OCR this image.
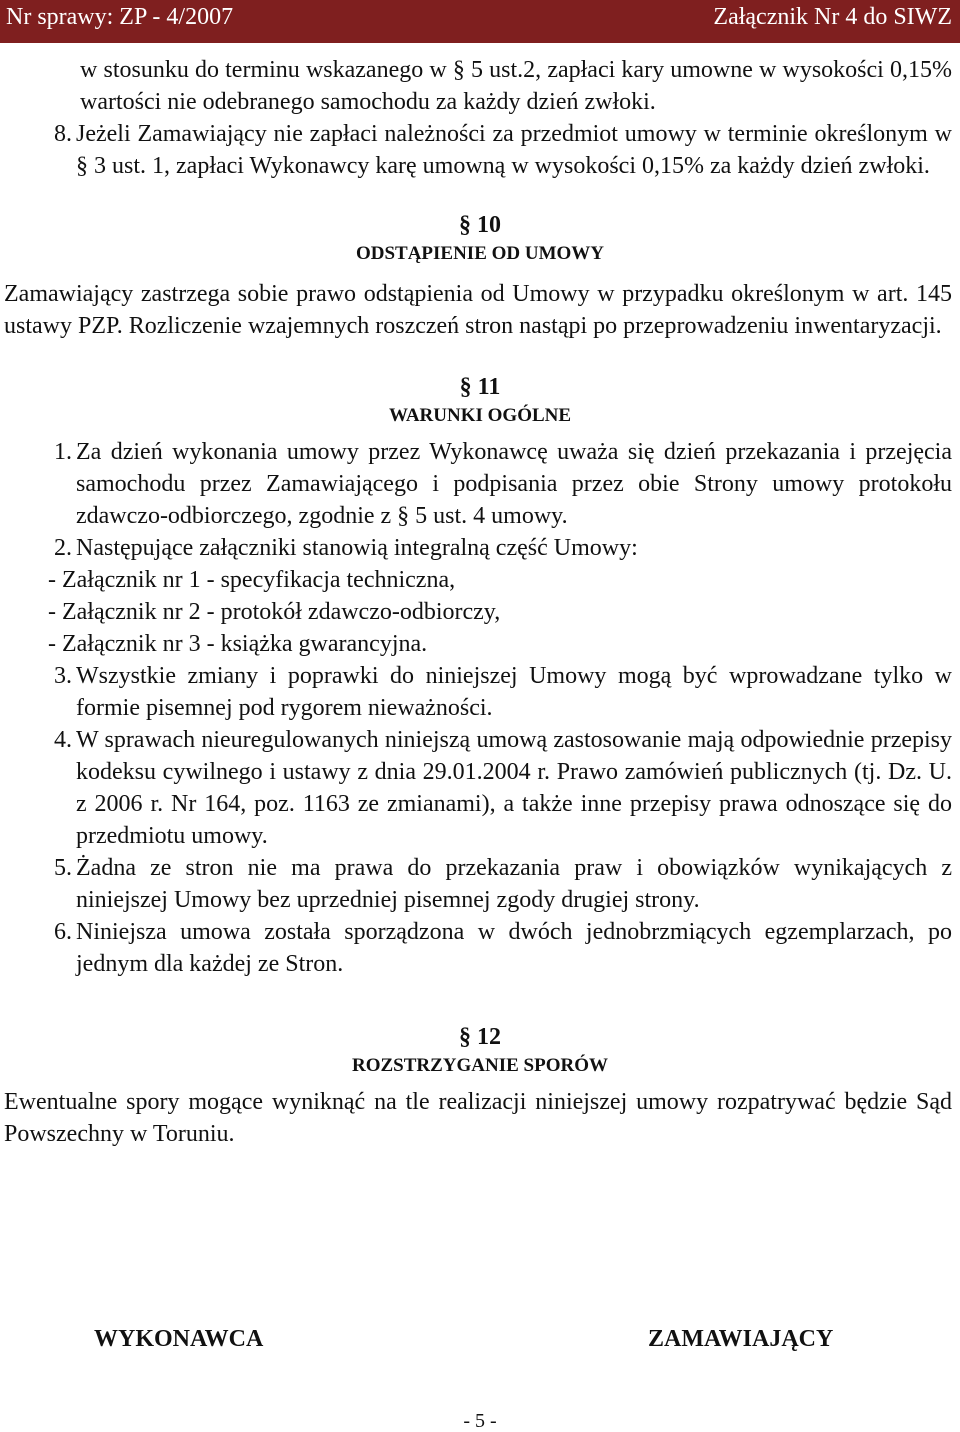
Nr sprawy: ZP - 4/2007	Załącznik Nr 4 do SIWZ

w stosunku do terminu wskazanego w § 5 ust.2, zapłaci kary umowne w wysokości 0,15% wartości nie odebranego samochodu za każdy dzień zwłoki.

8. Jeżeli Zamawiający nie zapłaci należności za przedmiot umowy w terminie określonym w § 3 ust. 1, zapłaci Wykonawcy karę umowną w wysokości 0,15% za każdy dzień zwłoki.
§ 10
ODSTĄPIENIE OD UMOWY

Zamawiający zastrzega sobie prawo odstąpienia od Umowy w przypadku określonym w art. 145 ustawy PZP. Rozliczenie wzajemnych roszczeń stron nastąpi po przeprowadzeniu inwentaryzacji.

§ 11
WARUNKI OGÓLNE
1. Za dzień wykonania umowy przez Wykonawcę uważa się dzień przekazania i przejęcia samochodu przez Zamawiającego i podpisania przez obie Strony umowy protokołu zdawczo-odbiorczego, zgodnie z § 5 ust. 4 umowy.
2. Następujące załączniki stanowią integralną część Umowy:
- Załącznik nr 1 - specyfikacja techniczna,
- Załącznik nr 2 - protokół zdawczo-odbiorczy,
- Załącznik nr 3 - książka gwarancyjna.
3. Wszystkie zmiany i poprawki do niniejszej Umowy mogą być wprowadzane tylko w formie pisemnej pod rygorem nieważności.
4. W sprawach nieuregulowanych niniejszą umową zastosowanie mają odpowiednie przepisy kodeksu cywilnego i ustawy z dnia 29.01.2004 r. Prawo zamówień publicznych (tj. Dz. U. z 2006 r. Nr 164, poz. 1163 ze zmianami), a także inne przepisy prawa odnoszące się do przedmiotu umowy.
5. Żadna ze stron nie ma prawa do przekazania praw i obowiązków wynikających z niniejszej Umowy bez uprzedniej pisemnej zgody drugiej strony.
6. Niniejsza umowa została sporządzona w dwóch jednobrzmiących egzemplarzach, po jednym dla każdej ze Stron.
§ 12
ROZSTRZYGANIE SPORÓW

Ewentualne spory mogące wyniknąć na tle realizacji niniejszej umowy rozpatrywać będzie Sąd Powszechny w Toruniu.

WYKONAWCA	ZAMAWIAJĄCY
- 5 -
